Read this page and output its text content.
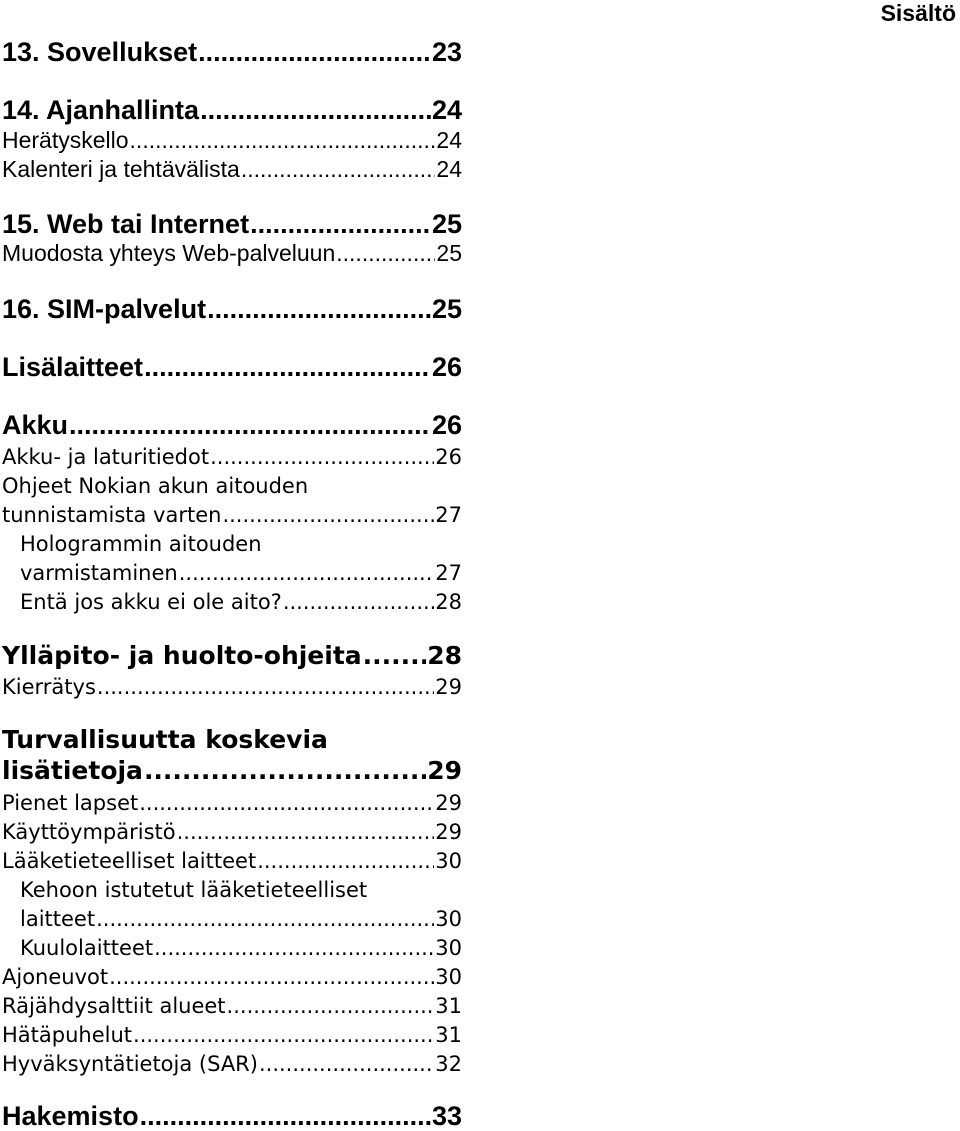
Sisältö
13. Sovellukset .....	23
14. Ajanhallinta .....	24
Herätyskello .....	24
Kalenteri ja tehtävälista .....	24
15. Web tai Internet .....	25
Muodosta yhteys Web-palveluun .....	25
16. SIM-palvelut .....	25
Lisälaitteet .....	26
Akku .....	26
Akku- ja laturitiedot .....	26
Ohjeet Nokian akun aitouden
tunnistamista varten .....	27
Hologrammin aitouden
varmistaminen .....	27
Entä jos akku ei ole aito? .....	28
Ylläpito- ja huolto-ohjeita .....	28
Kierrätys .....	29
Turvallisuutta koskevia
lisätietoja .....	29
Pienet lapset .....	29
Käyttöympäristö .....	29
Lääketieteelliset laitteet .....	30
Kehoon istutetut lääketieteelliset
laitteet .....	30
Kuulolaitteet .....	30
Ajoneuvot .....	30
Räjähdysalttiit alueet .....	31
Hätäpuhelut .....	31
Hyväksyntätietoja (SAR) .....	32
Hakemisto .....	33
